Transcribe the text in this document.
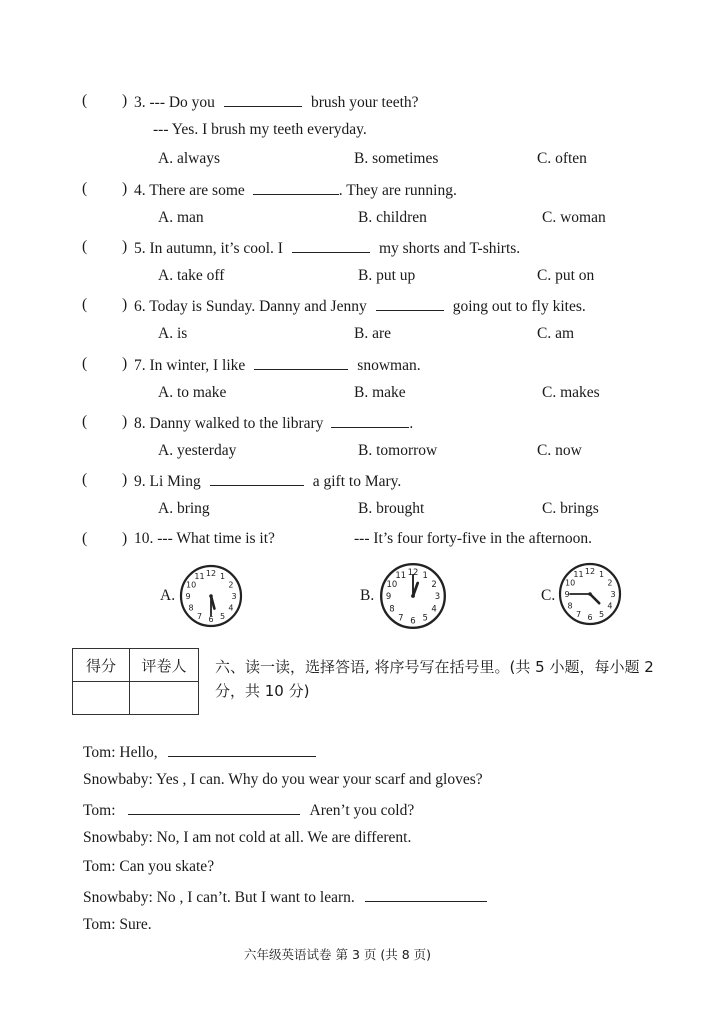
( ) 3. --- Do you	brush your teeth?
--- Yes. I brush my teeth everyday.
A. always	B. sometimes	C. often
( ) 4. There are some	. They are running.
A. man	B. children	C. woman
( ) 5. In autumn, it’s cool. I	my shorts and T-shirts.
A. take off	B. put up	C. put on
( ) 6. Today is Sunday. Danny and Jenny	going out to fly kites.
A. is	B. are	C. am
( ) 7. In winter, I like	snowman.
A. to make	B. make	C. makes
( ) 8. Danny walked to the library	.
A. yesterday	B. tomorrow	C. now
( ) 9. Li Ming	a gift to Mary.
A. bring	B. brought	C. brings
( ) 10. --- What time is it?	--- It’s four forty-five in the afternoon.
A.
12 1
2
3
4
5
6
7
8
9
10
11
B.
12 1
2
3
4
5
6
7
8
9
10
11
C.
12 1
2
3
4
5
6
7
8
9
10
11
得分	评卷人
	六、读一读，选择答语, 将序号写在括号里。(共 5 小题，每小题 2 分，共 10 分)
Tom: Hello,
Snowbaby: Yes , I can. Why do you wear your scarf and gloves?
Tom:	Aren’t you cold?
Snowbaby: No, I am not cold at all. We are different.
Tom: Can you skate?
Snowbaby: No , I can’t. But I want to learn.
Tom: Sure.
六年级英语试卷 第 3 页 (共 8 页)
